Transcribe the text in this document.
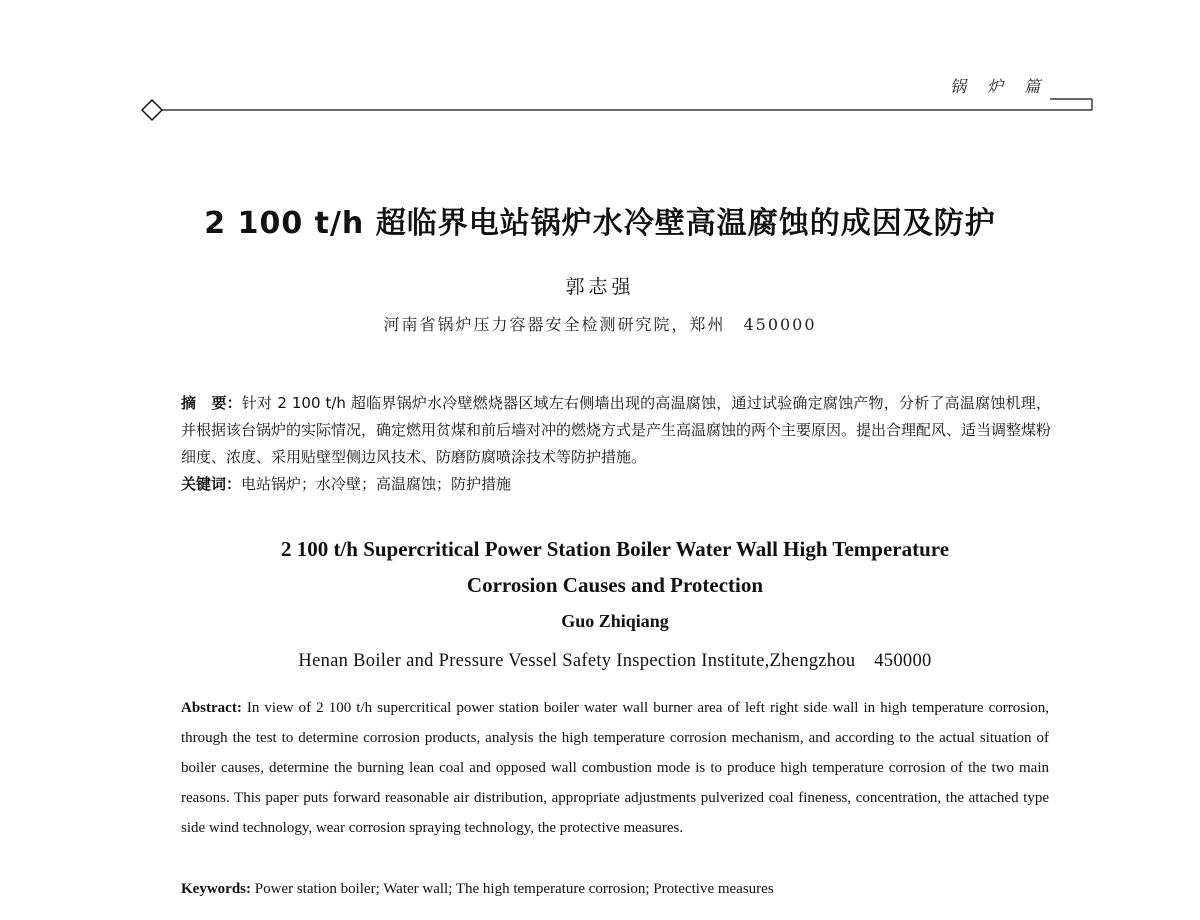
锅 炉 篇
2 100 t/h 超临界电站锅炉水冷壁高温腐蚀的成因及防护
郭志强
河南省锅炉压力容器安全检测研究院，郑州　450000
摘　要：针对 2 100 t/h 超临界锅炉水冷壁燃烧器区域左右侧墙出现的高温腐蚀，通过试验确定腐蚀产物，分析了高温腐蚀机理，并根据该台锅炉的实际情况，确定燃用贫煤和前后墙对冲的燃烧方式是产生高温腐蚀的两个主要原因。提出合理配风、适当调整煤粉细度、浓度、采用贴壁型侧边风技术、防磨防腐喷涂技术等防护措施。
关键词：电站锅炉；水冷壁；高温腐蚀；防护措施
2 100 t/h Supercritical Power Station Boiler Water Wall High Temperature
Corrosion Causes and Protection
Guo Zhiqiang
Henan Boiler and Pressure Vessel Safety Inspection Institute,Zhengzhou　450000
Abstract: In view of 2 100 t/h supercritical power station boiler water wall burner area of left right side wall in high temperature corrosion, through the test to determine corrosion products, analysis the high temperature corrosion mechanism, and according to the actual situation of boiler causes, determine the burning lean coal and opposed wall combustion mode is to produce high temperature corrosion of the two main reasons. This paper puts forward reasonable air distribution, appropriate adjustments pulverized coal fineness, concentration, the attached type side wind technology, wear corrosion spraying technology, the protective measures.
Keywords: Power station boiler; Water wall; The high temperature corrosion; Protective measures
